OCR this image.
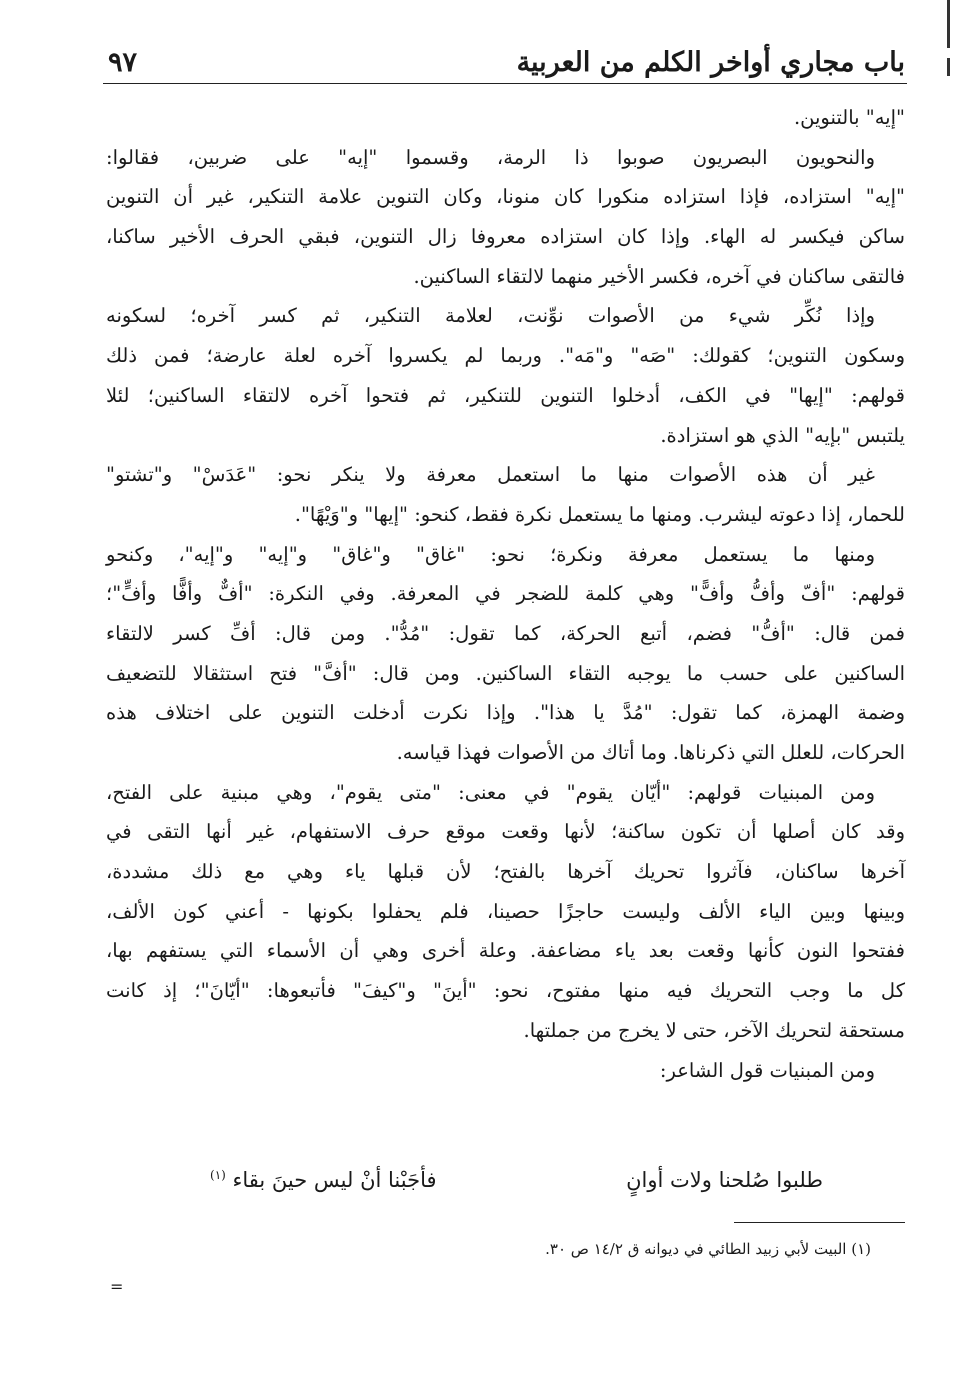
٩٧	باب مجاري أواخر الكلم من العربية
"إيه" بالتنوين.
والنحويون البصريون صوبوا ذا الرمة، وقسموا "إيه" على ضربين، فقالوا:
"إيه" استزاده، فإذا استزاده منكورا كان منونا، وكان التنوين علامة التنكير، غير أن التنوين
ساكن فيكسر له الهاء. وإذا كان استزاده معروفا زال التنوين، فبقي الحرف الأخير ساكنا،
فالتقى ساكنان في آخره، فكسر الأخير منهما لالتقاء الساكنين.
وإذا نُكِّر شيء من الأصوات نوِّنت، لعلامة التنكير، ثم كسر آخره؛ لسكونه
وسكون التنوين؛ كقولك: "صَه" و"مَه". وربما لم يكسروا آخره لعلة عارضة؛ فمن ذلك
قولهم: "إيها" في الكف، أدخلوا التنوين للتنكير، ثم فتحوا آخره لالتقاء الساكنين؛ لئلا
يلتبس "بإيه" الذي هو استزادة.
غير أن هذه الأصوات منها ما استعمل معرفة ولا ينكر نحو: "عَدَسْ" و"تشتو"
للحمار، إذا دعوته ليشرب. ومنها ما يستعمل نكرة فقط، كنحو: "إيها" و"وَيْهًا".
ومنها ما يستعمل معرفة ونكرة؛ نحو: "غاق" و"غاق" و"إيه" و"إيه"، وكنحو
قولهم: "أفّ وأفُّ وأفًّ" وهي كلمة للضجر في المعرفة. وفي النكرة: "أفٌّ وأفًّا وأفٍّ"؛
فمن قال: "أفُّ" فضم، أتبع الحركة، كما تقول: "مُدُّ". ومن قال: أفِّ كسر لالتقاء
الساكنين على حسب ما يوجبه التقاء الساكنين. ومن قال: "أفَّ" فتح استثقالا للتضعيف
وضمة الهمزة، كما تقول: "مُدَّ يا هذا". وإذا نكرت أدخلت التنوين على اختلاف هذه
الحركات، للعلل التي ذكرناها. وما أتاك من الأصوات فهذا قياسه.
ومن المبنيات قولهم: "أيّان يقوم" في معنى: "متى يقوم"، وهي مبنية على الفتح،
وقد كان أصلها أن تكون ساكنة؛ لأنها وقعت موقع حرف الاستفهام، غير أنها التقى في
آخرها ساكنان، فآثروا تحريك آخرها بالفتح؛ لأن قبلها ياء وهي مع ذلك مشددة،
وبينها وبين الياء الألف وليست حاجزًا حصينا، فلم يحفلوا بكونها - أعني كون الألف،
ففتحوا النون كأنها وقعت بعد ياء مضاعفة. وعلة أخرى وهي أن الأسماء التي يستفهم بها،
كل ما وجب التحريك فيه منها مفتوح، نحو: "أينَ" و"كيفَ" فأتبعوها: "أيّانَ"؛ إذ كانت
مستحقة لتحريك الآخر، حتى لا يخرج من جملتها.
ومن المبنيات قول الشاعر:
طلبوا صُلحنا ولات أوانٍ
فأجَبْنا أنْ ليس حينَ بقاء $^{(١)}$
(١) البيت لأبي زبيد الطائي في ديوانه ق ١٤/٢ ص ٣٠.
=
